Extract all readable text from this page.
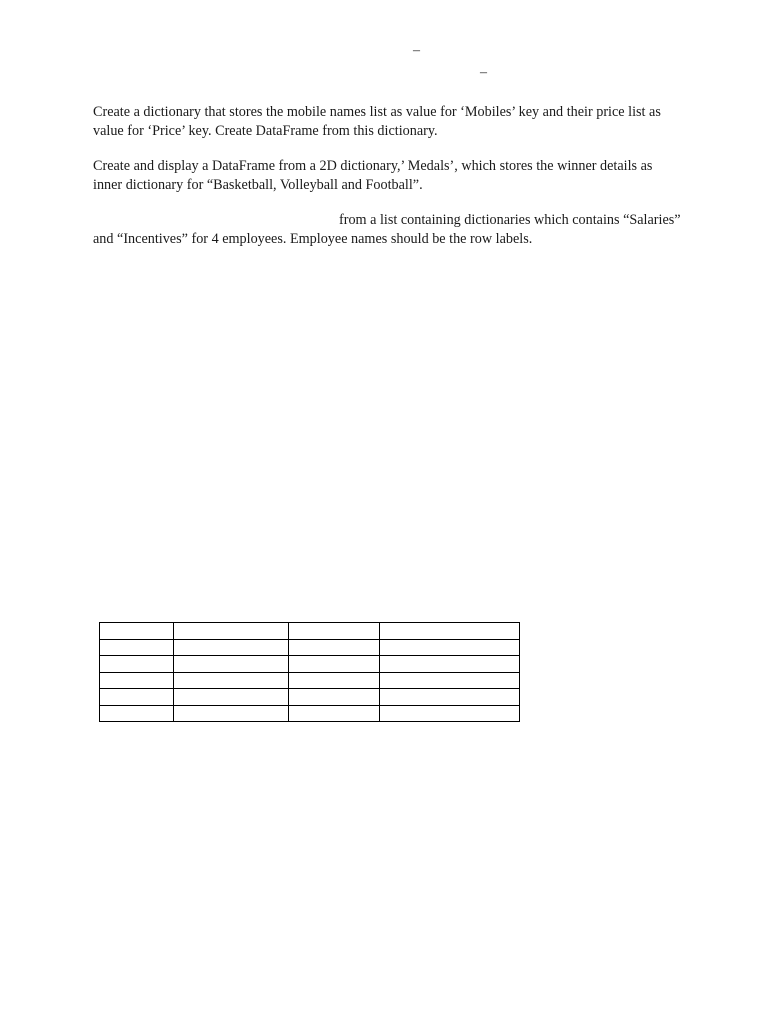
–
–
Create a dictionary that stores the mobile names list as value for ‘Mobiles’ key and their price list as
value for ‘Price’ key. Create DataFrame from this dictionary.
Create and display a DataFrame from a 2D dictionary,’ Medals’, which stores the winner details as
inner dictionary for “Basketball, Volleyball and Football”.
from a list containing dictionaries which contains “Salaries”
and “Incentives” for 4 employees. Employee names should be the row labels.
